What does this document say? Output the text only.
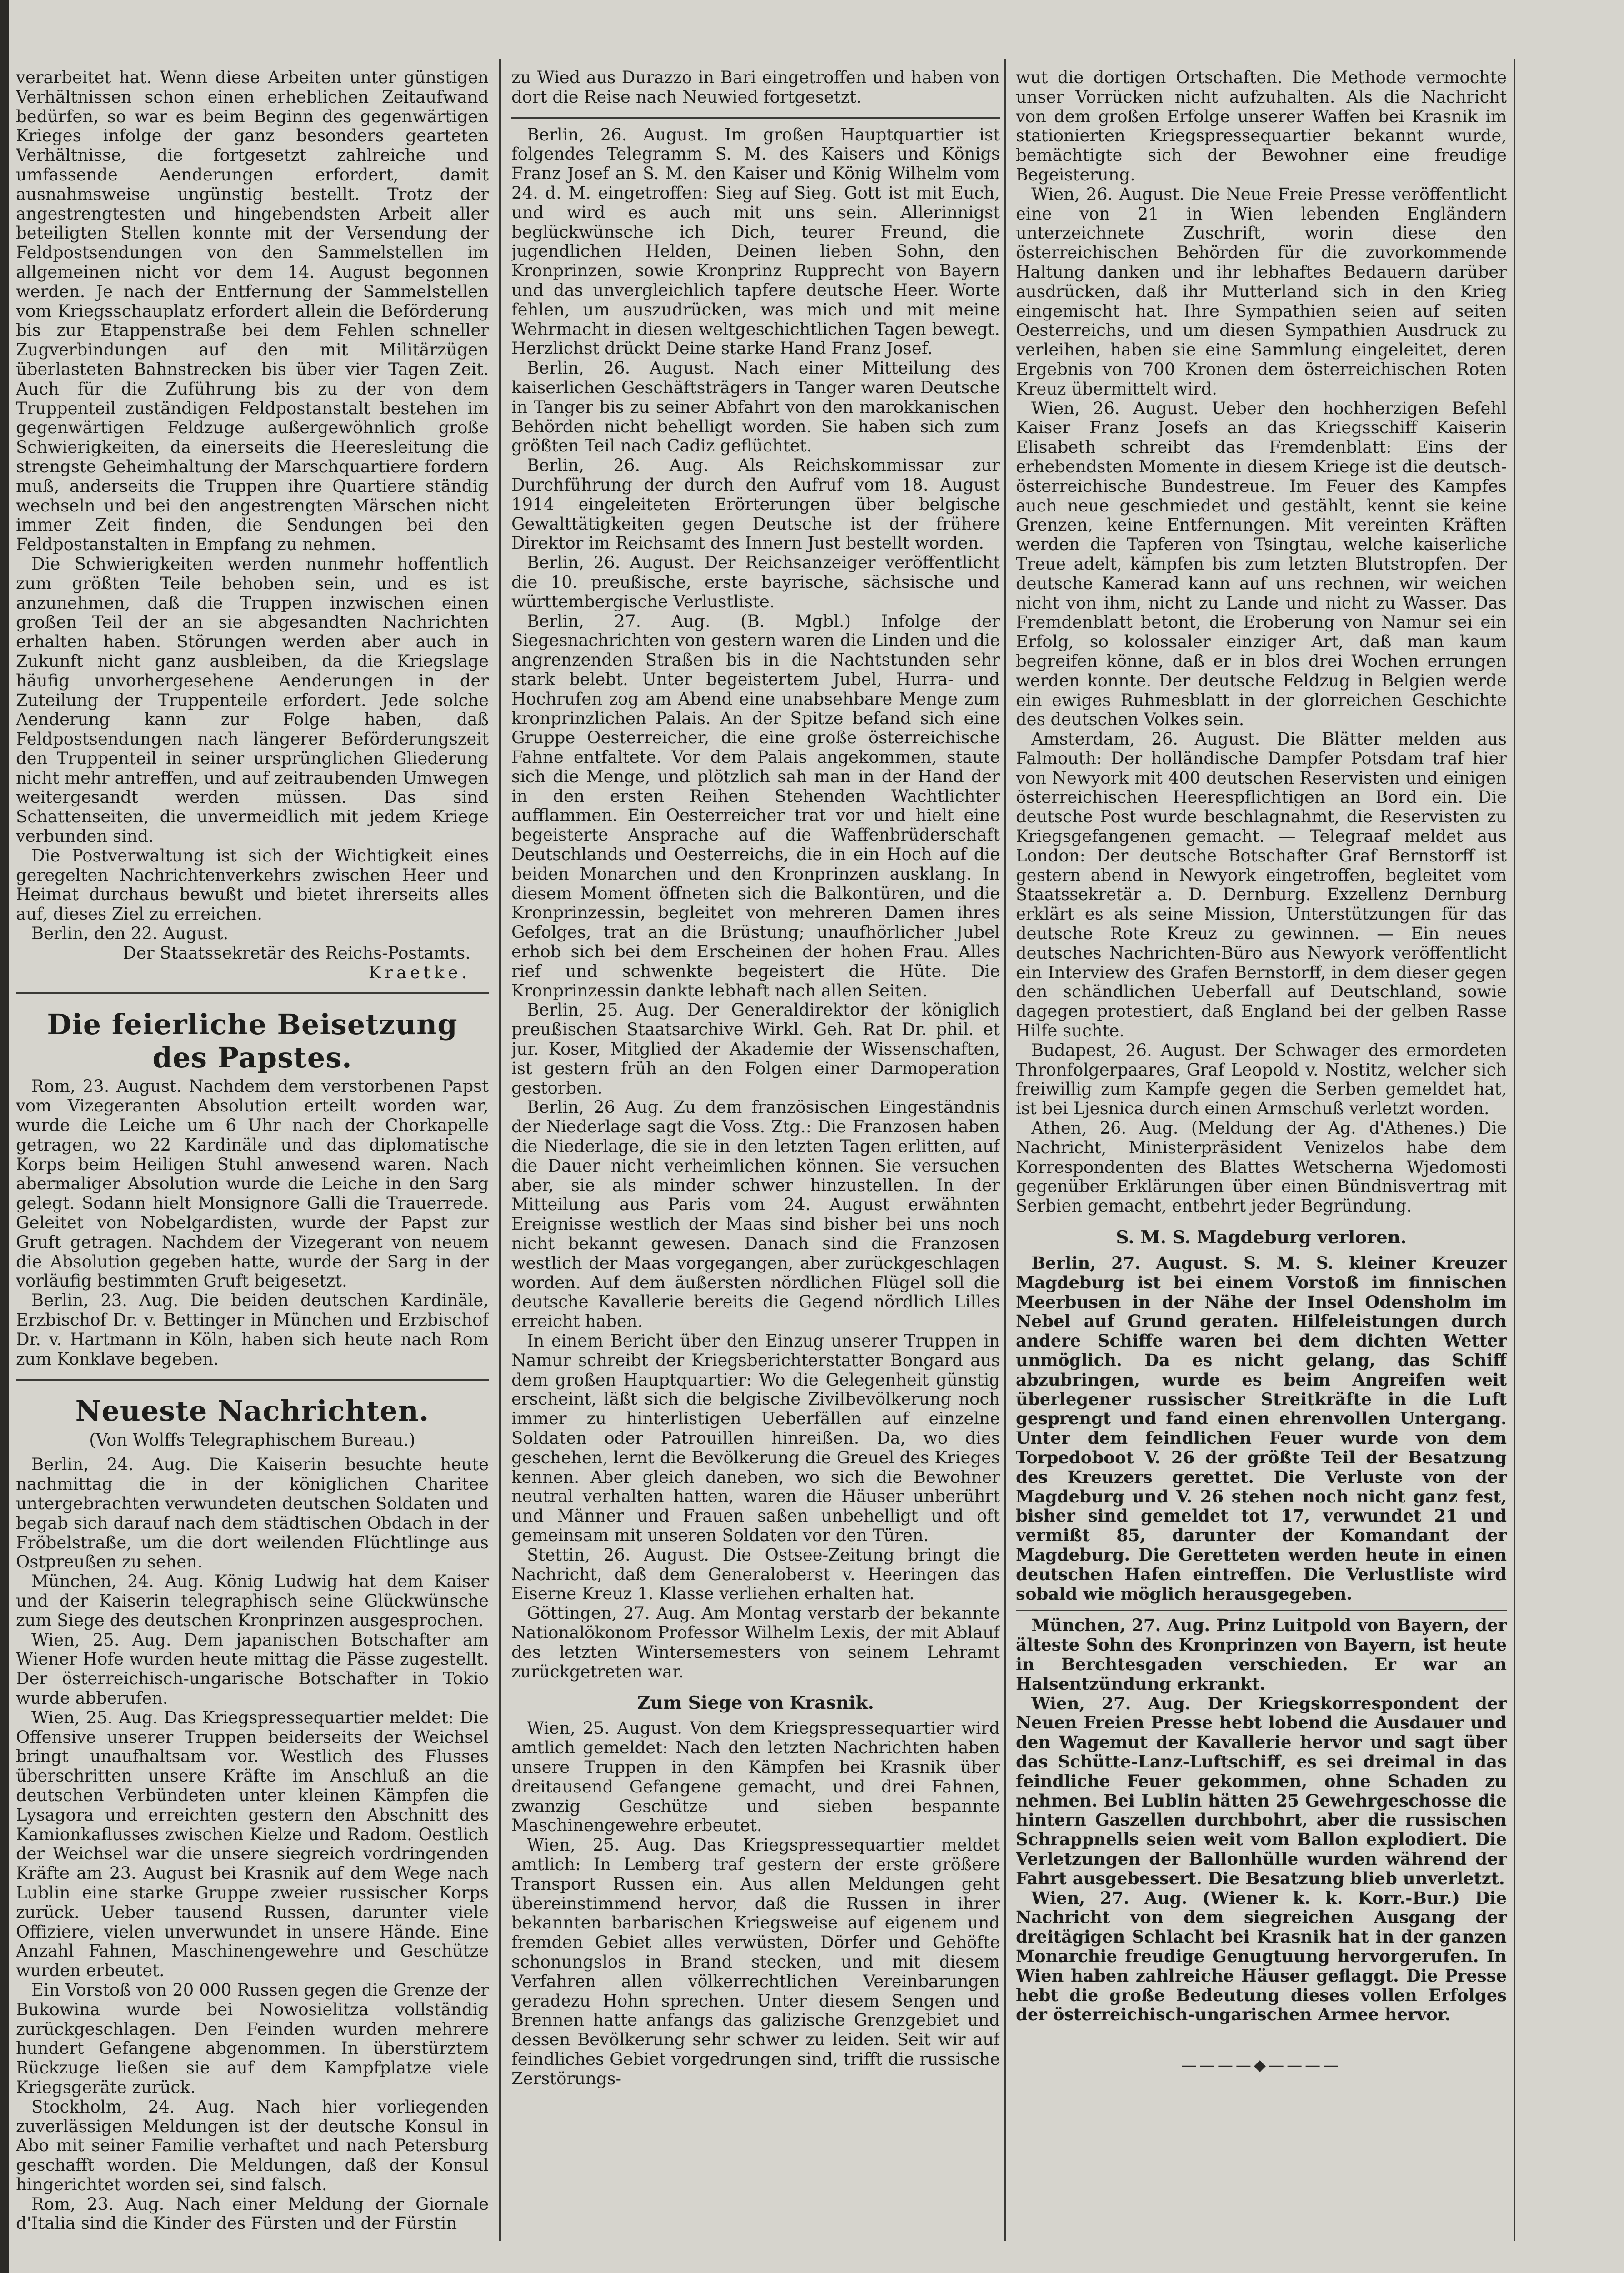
verarbeitet hat. Wenn diese Arbeiten unter günstigen Verhältnissen schon einen erheblichen Zeitaufwand bedürfen, so war es beim Beginn des gegenwärtigen Krieges infolge der ganz besonders gearteten Verhältnisse, die fortgesetzt zahlreiche und umfassende Aenderungen erfordert, damit ausnahmsweise ungünstig bestellt. Trotz der angestrengtesten und hingebendsten Arbeit aller beteiligten Stellen konnte mit der Versendung der Feldpostsendungen von den Sammelstellen im allgemeinen nicht vor dem 14. August begonnen werden. Je nach der Entfernung der Sammelstellen vom Kriegsschauplatz erfordert allein die Beförderung bis zur Etappenstraße bei dem Fehlen schneller Zugverbindungen auf den mit Militärzügen überlasteten Bahnstrecken bis über vier Tagen Zeit. Auch für die Zuführung bis zu der von dem Truppenteil zuständigen Feldpostanstalt bestehen im gegenwärtigen Feldzuge außergewöhnlich große Schwierigkeiten, da einerseits die Heeresleitung die strengste Geheimhaltung der Marschquartiere fordern muß, anderseits die Truppen ihre Quartiere ständig wechseln und bei den angestrengten Märschen nicht immer Zeit finden, die Sendungen bei den Feldpostanstalten in Empfang zu nehmen.

Die Schwierigkeiten werden nunmehr hoffentlich zum größten Teile behoben sein, und es ist anzunehmen, daß die Truppen inzwischen einen großen Teil der an sie abgesandten Nachrichten erhalten haben. Störungen werden aber auch in Zukunft nicht ganz ausbleiben, da die Kriegslage häufig unvorhergesehene Aenderungen in der Zuteilung der Truppenteile erfordert. Jede solche Aenderung kann zur Folge haben, daß Feldpostsendungen nach längerer Beförderungszeit den Truppenteil in seiner ursprünglichen Gliederung nicht mehr antreffen, und auf zeitraubenden Umwegen weitergesandt werden müssen. Das sind Schattenseiten, die unvermeidlich mit jedem Kriege verbunden sind.

Die Postverwaltung ist sich der Wichtigkeit eines geregelten Nachrichtenverkehrs zwischen Heer und Heimat durchaus bewußt und bietet ihrerseits alles auf, dieses Ziel zu erreichen.

Berlin, den 22. August.

Der Staatssekretär des Reichs-Postamts.

Kraetke.

Die feierliche Beisetzung des Papstes.

Rom, 23. August. Nachdem dem verstorbenen Papst vom Vizegeranten Absolution erteilt worden war, wurde die Leiche um 6 Uhr nach der Chorkapelle getragen, wo 22 Kardinäle und das diplomatische Korps beim Heiligen Stuhl anwesend waren. Nach abermaliger Absolution wurde die Leiche in den Sarg gelegt. Sodann hielt Monsignore Galli die Trauerrede. Geleitet von Nobelgardisten, wurde der Papst zur Gruft getragen. Nachdem der Vizegerant von neuem die Absolution gegeben hatte, wurde der Sarg in der vorläufig bestimmten Gruft beigesetzt.

Berlin, 23. Aug. Die beiden deutschen Kardinäle, Erzbischof Dr. v. Bettinger in München und Erzbischof Dr. v. Hartmann in Köln, haben sich heute nach Rom zum Konklave begeben.

Neueste Nachrichten.
(Von Wolffs Telegraphischem Bureau.)

Berlin, 24. Aug. Die Kaiserin besuchte heute nachmittag die in der königlichen Charitee untergebrachten verwundeten deutschen Soldaten und begab sich darauf nach dem städtischen Obdach in der Fröbelstraße, um die dort weilenden Flüchtlinge aus Ostpreußen zu sehen.

München, 24. Aug. König Ludwig hat dem Kaiser und der Kaiserin telegraphisch seine Glückwünsche zum Siege des deutschen Kronprinzen ausgesprochen.

Wien, 25. Aug. Dem japanischen Botschafter am Wiener Hofe wurden heute mittag die Pässe zugestellt. Der österreichisch-ungarische Botschafter in Tokio wurde abberufen.

Wien, 25. Aug. Das Kriegspressequartier meldet: Die Offensive unserer Truppen beiderseits der Weichsel bringt unaufhaltsam vor. Westlich des Flusses überschritten unsere Kräfte im Anschluß an die deutschen Verbündeten unter kleinen Kämpfen die Lysagora und erreichten gestern den Abschnitt des Kamionkaflusses zwischen Kielze und Radom. Oestlich der Weichsel war die unsere siegreich vordringenden Kräfte am 23. August bei Krasnik auf dem Wege nach Lublin eine starke Gruppe zweier russischer Korps zurück. Ueber tausend Russen, darunter viele Offiziere, vielen unverwundet in unsere Hände. Eine Anzahl Fahnen, Maschinengewehre und Geschütze wurden erbeutet.

Ein Vorstoß von 20 000 Russen gegen die Grenze der Bukowina wurde bei Nowosielitza vollständig zurückgeschlagen. Den Feinden wurden mehrere hundert Gefangene abgenommen. In überstürztem Rückzuge ließen sie auf dem Kampfplatze viele Kriegsgeräte zurück.

Stockholm, 24. Aug. Nach hier vorliegenden zuverlässigen Meldungen ist der deutsche Konsul in Abo mit seiner Familie verhaftet und nach Petersburg geschafft worden. Die Meldungen, daß der Konsul hingerichtet worden sei, sind falsch.

Rom, 23. Aug. Nach einer Meldung der Giornale d'Italia sind die Kinder des Fürsten und der Fürstin

zu Wied aus Durazzo in Bari eingetroffen und haben von dort die Reise nach Neuwied fortgesetzt.

Berlin, 26. August. Im großen Hauptquartier ist folgendes Telegramm S. M. des Kaisers und Königs Franz Josef an S. M. den Kaiser und König Wilhelm vom 24. d. M. eingetroffen: Sieg auf Sieg. Gott ist mit Euch, und wird es auch mit uns sein. Allerinnigst beglückwünsche ich Dich, teurer Freund, die jugendlichen Helden, Deinen lieben Sohn, den Kronprinzen, sowie Kronprinz Rupprecht von Bayern und das unvergleichlich tapfere deutsche Heer. Worte fehlen, um auszudrücken, was mich und mit meine Wehrmacht in diesen weltgeschichtlichen Tagen bewegt. Herzlichst drückt Deine starke Hand Franz Josef.

Berlin, 26. August. Nach einer Mitteilung des kaiserlichen Geschäftsträgers in Tanger waren Deutsche in Tanger bis zu seiner Abfahrt von den marokkanischen Behörden nicht behelligt worden. Sie haben sich zum größten Teil nach Cadiz geflüchtet.

Berlin, 26. Aug. Als Reichskommissar zur Durchführung der durch den Aufruf vom 18. August 1914 eingeleiteten Erörterungen über belgische Gewalttätigkeiten gegen Deutsche ist der frühere Direktor im Reichsamt des Innern Just bestellt worden.

Berlin, 26. August. Der Reichsanzeiger veröffentlicht die 10. preußische, erste bayrische, sächsische und württembergische Verlustliste.

Berlin, 27. Aug. (B. Mgbl.) Infolge der Siegesnachrichten von gestern waren die Linden und die angrenzenden Straßen bis in die Nachtstunden sehr stark belebt. Unter begeistertem Jubel, Hurra- und Hochrufen zog am Abend eine unabsehbare Menge zum kronprinzlichen Palais. An der Spitze befand sich eine Gruppe Oesterreicher, die eine große österreichische Fahne entfaltete. Vor dem Palais angekommen, staute sich die Menge, und plötzlich sah man in der Hand der in den ersten Reihen Stehenden Wachtlichter aufflammen. Ein Oesterreicher trat vor und hielt eine begeisterte Ansprache auf die Waffenbrüderschaft Deutschlands und Oesterreichs, die in ein Hoch auf die beiden Monarchen und den Kronprinzen ausklang. In diesem Moment öffneten sich die Balkontüren, und die Kronprinzessin, begleitet von mehreren Damen ihres Gefolges, trat an die Brüstung; unaufhörlicher Jubel erhob sich bei dem Erscheinen der hohen Frau. Alles rief und schwenkte begeistert die Hüte. Die Kronprinzessin dankte lebhaft nach allen Seiten.

Berlin, 25. Aug. Der Generaldirektor der königlich preußischen Staatsarchive Wirkl. Geh. Rat Dr. phil. et jur. Koser, Mitglied der Akademie der Wissenschaften, ist gestern früh an den Folgen einer Darmoperation gestorben.

Berlin, 26 Aug. Zu dem französischen Eingeständnis der Niederlage sagt die Voss. Ztg.: Die Franzosen haben die Niederlage, die sie in den letzten Tagen erlitten, auf die Dauer nicht verheimlichen können. Sie versuchen aber, sie als minder schwer hinzustellen. In der Mitteilung aus Paris vom 24. August erwähnten Ereignisse westlich der Maas sind bisher bei uns noch nicht bekannt gewesen. Danach sind die Franzosen westlich der Maas vorgegangen, aber zurückgeschlagen worden. Auf dem äußersten nördlichen Flügel soll die deutsche Kavallerie bereits die Gegend nördlich Lilles erreicht haben.

In einem Bericht über den Einzug unserer Truppen in Namur schreibt der Kriegsberichterstatter Bongard aus dem großen Hauptquartier: Wo die Gelegenheit günstig erscheint, läßt sich die belgische Zivilbevölkerung noch immer zu hinterlistigen Ueberfällen auf einzelne Soldaten oder Patrouillen hinreißen. Da, wo dies geschehen, lernt die Bevölkerung die Greuel des Krieges kennen. Aber gleich daneben, wo sich die Bewohner neutral verhalten hatten, waren die Häuser unberührt und Männer und Frauen saßen unbehelligt und oft gemeinsam mit unseren Soldaten vor den Türen.

Stettin, 26. August. Die Ostsee-Zeitung bringt die Nachricht, daß dem Generaloberst v. Heeringen das Eiserne Kreuz 1. Klasse verliehen erhalten hat.

Göttingen, 27. Aug. Am Montag verstarb der bekannte Nationalökonom Professor Wilhelm Lexis, der mit Ablauf des letzten Wintersemesters von seinem Lehramt zurückgetreten war.

Zum Siege von Krasnik.

Wien, 25. August. Von dem Kriegspressequartier wird amtlich gemeldet: Nach den letzten Nachrichten haben unsere Truppen in den Kämpfen bei Krasnik über dreitausend Gefangene gemacht, und drei Fahnen, zwanzig Geschütze und sieben bespannte Maschinengewehre erbeutet.

Wien, 25. Aug. Das Kriegspressequartier meldet amtlich: In Lemberg traf gestern der erste größere Transport Russen ein. Aus allen Meldungen geht übereinstimmend hervor, daß die Russen in ihrer bekannten barbarischen Kriegsweise auf eigenem und fremden Gebiet alles verwüsten, Dörfer und Gehöfte schonungslos in Brand stecken, und mit diesem Verfahren allen völkerrechtlichen Vereinbarungen geradezu Hohn sprechen. Unter diesem Sengen und Brennen hatte anfangs das galizische Grenzgebiet und dessen Bevölkerung sehr schwer zu leiden. Seit wir auf feindliches Gebiet vorgedrungen sind, trifft die russische Zerstörungs-

wut die dortigen Ortschaften. Die Methode vermochte unser Vorrücken nicht aufzuhalten. Als die Nachricht von dem großen Erfolge unserer Waffen bei Krasnik im stationierten Kriegspressequartier bekannt wurde, bemächtigte sich der Bewohner eine freudige Begeisterung.

Wien, 26. August. Die Neue Freie Presse veröffentlicht eine von 21 in Wien lebenden Engländern unterzeichnete Zuschrift, worin diese den österreichischen Behörden für die zuvorkommende Haltung danken und ihr lebhaftes Bedauern darüber ausdrücken, daß ihr Mutterland sich in den Krieg eingemischt hat. Ihre Sympathien seien auf seiten Oesterreichs, und um diesen Sympathien Ausdruck zu verleihen, haben sie eine Sammlung eingeleitet, deren Ergebnis von 700 Kronen dem österreichischen Roten Kreuz übermittelt wird.

Wien, 26. August. Ueber den hochherzigen Befehl Kaiser Franz Josefs an das Kriegsschiff Kaiserin Elisabeth schreibt das Fremdenblatt: Eins der erhebendsten Momente in diesem Kriege ist die deutsch-österreichische Bundestreue. Im Feuer des Kampfes auch neue geschmiedet und gestählt, kennt sie keine Grenzen, keine Entfernungen. Mit vereinten Kräften werden die Tapferen von Tsingtau, welche kaiserliche Treue adelt, kämpfen bis zum letzten Blutstropfen. Der deutsche Kamerad kann auf uns rechnen, wir weichen nicht von ihm, nicht zu Lande und nicht zu Wasser. Das Fremdenblatt betont, die Eroberung von Namur sei ein Erfolg, so kolossaler einziger Art, daß man kaum begreifen könne, daß er in blos drei Wochen errungen werden konnte. Der deutsche Feldzug in Belgien werde ein ewiges Ruhmesblatt in der glorreichen Geschichte des deutschen Volkes sein.

Amsterdam, 26. August. Die Blätter melden aus Falmouth: Der holländische Dampfer Potsdam traf hier von Newyork mit 400 deutschen Reservisten und einigen österreichischen Heerespflichtigen an Bord ein. Die deutsche Post wurde beschlagnahmt, die Reservisten zu Kriegsgefangenen gemacht. — Telegraaf meldet aus London: Der deutsche Botschafter Graf Bernstorff ist gestern abend in Newyork eingetroffen, begleitet vom Staatssekretär a. D. Dernburg. Exzellenz Dernburg erklärt es als seine Mission, Unterstützungen für das deutsche Rote Kreuz zu gewinnen. — Ein neues deutsches Nachrichten-Büro aus Newyork veröffentlicht ein Interview des Grafen Bernstorff, in dem dieser gegen den schändlichen Ueberfall auf Deutschland, sowie dagegen protestiert, daß England bei der gelben Rasse Hilfe suchte.

Budapest, 26. August. Der Schwager des ermordeten Thronfolgerpaares, Graf Leopold v. Nostitz, welcher sich freiwillig zum Kampfe gegen die Serben gemeldet hat, ist bei Ljesnica durch einen Armschuß verletzt worden.

Athen, 26. Aug. (Meldung der Ag. d'Athenes.) Die Nachricht, Ministerpräsident Venizelos habe dem Korrespondenten des Blattes Wetscherna Wjedomosti gegenüber Erklärungen über einen Bündnisvertrag mit Serbien gemacht, entbehrt jeder Begründung.

S. M. S. Magdeburg verloren.

Berlin, 27. August. S. M. S. kleiner Kreuzer Magdeburg ist bei einem Vorstoß im finnischen Meerbusen in der Nähe der Insel Odensholm im Nebel auf Grund geraten. Hilfeleistungen durch andere Schiffe waren bei dem dichten Wetter unmöglich. Da es nicht gelang, das Schiff abzubringen, wurde es beim Angreifen weit überlegener russischer Streitkräfte in die Luft gesprengt und fand einen ehrenvollen Untergang. Unter dem feindlichen Feuer wurde von dem Torpedoboot V. 26 der größte Teil der Besatzung des Kreuzers gerettet. Die Verluste von der Magdeburg und V. 26 stehen noch nicht ganz fest, bisher sind gemeldet tot 17, verwundet 21 und vermißt 85, darunter der Komandant der Magdeburg. Die Geretteten werden heute in einen deutschen Hafen eintreffen. Die Verlustliste wird sobald wie möglich herausgegeben.

München, 27. Aug. Prinz Luitpold von Bayern, der älteste Sohn des Kronprinzen von Bayern, ist heute in Berchtesgaden verschieden. Er war an Halsentzündung erkrankt.

Wien, 27. Aug. Der Kriegskorrespondent der Neuen Freien Presse hebt lobend die Ausdauer und den Wagemut der Kavallerie hervor und sagt über das Schütte-Lanz-Luftschiff, es sei dreimal in das feindliche Feuer gekommen, ohne Schaden zu nehmen. Bei Lublin hätten 25 Gewehrgeschosse die hintern Gaszellen durchbohrt, aber die russischen Schrappnells seien weit vom Ballon explodiert. Die Verletzungen der Ballonhülle wurden während der Fahrt ausgebessert. Die Besatzung blieb unverletzt.

Wien, 27. Aug. (Wiener k. k. Korr.-Bur.) Die Nachricht von dem siegreichen Ausgang der dreitägigen Schlacht bei Krasnik hat in der ganzen Monarchie freudige Genugtuung hervorgerufen. In Wien haben zahlreiche Häuser geflaggt. Die Presse hebt die große Bedeutung dieses vollen Erfolges der österreichisch-ungarischen Armee hervor.

————◆————
